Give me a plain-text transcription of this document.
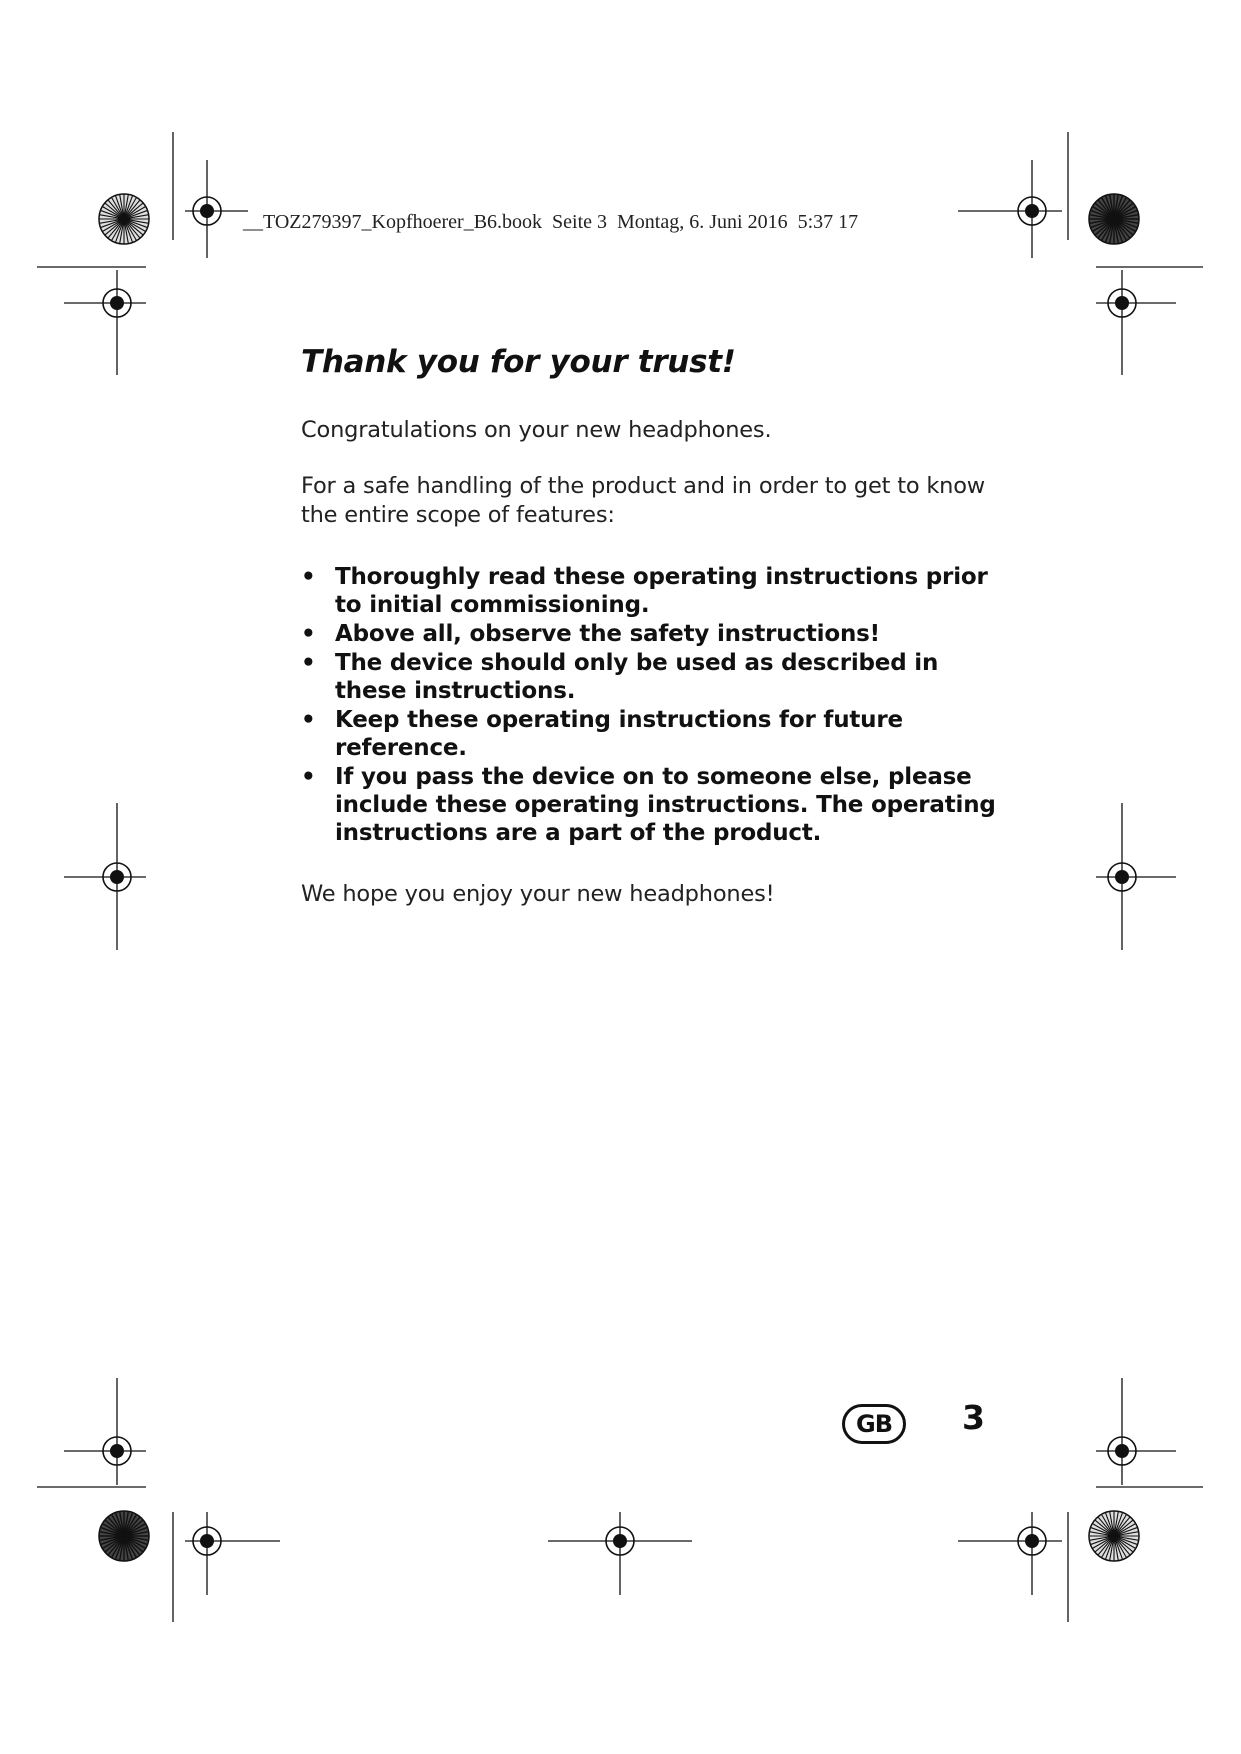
__TOZ279397_Kopfhoerer_B6.book  Seite 3  Montag, 6. Juni 2016  5:37 17
Thank you for your trust!

Congratulations on your new headphones.

For a safe handling of the product and in order to get to know the entire scope of features:

• Thoroughly read these operating instructions prior to initial commissioning.
• Above all, observe the safety instructions!
• The device should only be used as described in these instructions.
• Keep these operating instructions for future reference.
• If you pass the device on to someone else, please include these operating instructions. The operating instructions are a part of the product.

We hope you enjoy your new headphones!

GB	3
